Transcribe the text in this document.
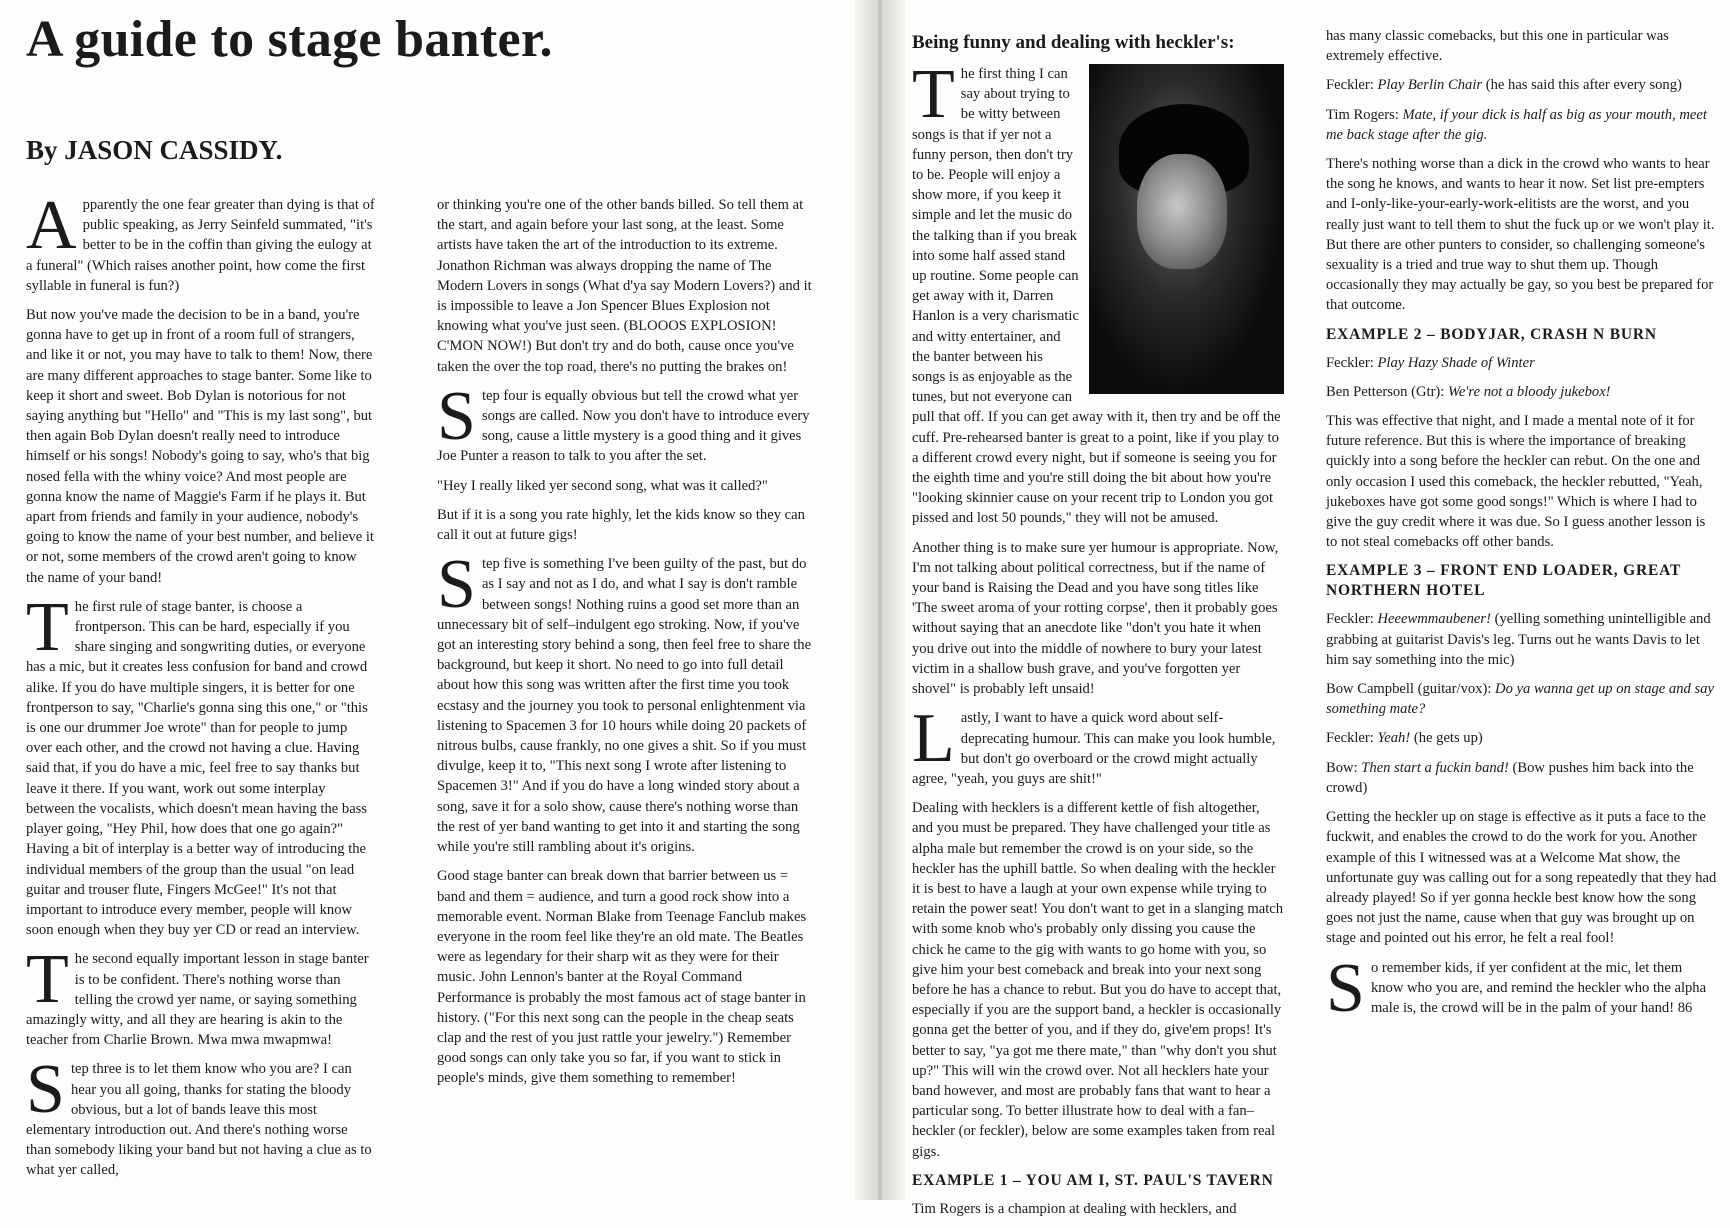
A guide to stage banter.
By JASON CASSIDY.

Apparently the one fear greater than dying is that of public speaking, as Jerry Seinfeld summated, "it's better to be in the coffin than giving the eulogy at a funeral" (Which raises another point, how come the first syllable in funeral is fun?)

But now you've made the decision to be in a band, you're gonna have to get up in front of a room full of strangers, and like it or not, you may have to talk to them! Now, there are many different approaches to stage banter. Some like to keep it short and sweet. Bob Dylan is notorious for not saying anything but "Hello" and "This is my last song", but then again Bob Dylan doesn't really need to introduce himself or his songs! Nobody's going to say, who's that big nosed fella with the whiny voice? And most people are gonna know the name of Maggie's Farm if he plays it. But apart from friends and family in your audience, nobody's going to know the name of your best number, and believe it or not, some members of the crowd aren't going to know the name of your band!

The first rule of stage banter, is choose a frontperson. This can be hard, especially if you share singing and songwriting duties, or everyone has a mic, but it creates less confusion for band and crowd alike. If you do have multiple singers, it is better for one frontperson to say, "Charlie's gonna sing this one," or "this is one our drummer Joe wrote" than for people to jump over each other, and the crowd not having a clue. Having said that, if you do have a mic, feel free to say thanks but leave it there. If you want, work out some interplay between the vocalists, which doesn't mean having the bass player going, "Hey Phil, how does that one go again?" Having a bit of interplay is a better way of introducing the individual members of the group than the usual "on lead guitar and trouser flute, Fingers McGee!" It's not that important to introduce every member, people will know soon enough when they buy yer CD or read an interview.

The second equally important lesson in stage banter is to be confident. There's nothing worse than telling the crowd yer name, or saying something amazingly witty, and all they are hearing is akin to the teacher from Charlie Brown. Mwa mwa mwapmwa!

Step three is to let them know who you are? I can hear you all going, thanks for stating the bloody obvious, but a lot of bands leave this most elementary introduction out. And there's nothing worse than somebody liking your band but not having a clue as to what yer called,

or thinking you're one of the other bands billed. So tell them at the start, and again before your last song, at the least. Some artists have taken the art of the introduction to its extreme. Jonathon Richman was always dropping the name of The Modern Lovers in songs (What d'ya say Modern Lovers?) and it is impossible to leave a Jon Spencer Blues Explosion not knowing what you've just seen. (BLOOOS EXPLOSION! C'MON NOW!) But don't try and do both, cause once you've taken the over the top road, there's no putting the brakes on!

Step four is equally obvious but tell the crowd what yer songs are called. Now you don't have to introduce every song, cause a little mystery is a good thing and it gives Joe Punter a reason to talk to you after the set.

"Hey I really liked yer second song, what was it called?"

But if it is a song you rate highly, let the kids know so they can call it out at future gigs!

Step five is something I've been guilty of the past, but do as I say and not as I do, and what I say is don't ramble between songs! Nothing ruins a good set more than an unnecessary bit of self–indulgent ego stroking. Now, if you've got an interesting story behind a song, then feel free to share the background, but keep it short. No need to go into full detail about how this song was written after the first time you took ecstasy and the journey you took to personal enlightenment via listening to Spacemen 3 for 10 hours while doing 20 packets of nitrous bulbs, cause frankly, no one gives a shit. So if you must divulge, keep it to, "This next song I wrote after listening to Spacemen 3!" And if you do have a long winded story about a song, save it for a solo show, cause there's nothing worse than the rest of yer band wanting to get into it and starting the song while you're still rambling about it's origins.

Good stage banter can break down that barrier between us = band and them = audience, and turn a good rock show into a memorable event. Norman Blake from Teenage Fanclub makes everyone in the room feel like they're an old mate. The Beatles were as legendary for their sharp wit as they were for their music. John Lennon's banter at the Royal Command Performance is probably the most famous act of stage banter in history. ("For this next song can the people in the cheap seats clap and the rest of you just rattle your jewelry.") Remember good songs can only take you so far, if you want to stick in people's minds, give them something to remember!

Being funny and dealing with heckler's:

The first thing I can say about trying to be witty between songs is that if yer not a funny person, then don't try to be. People will enjoy a show more, if you keep it simple and let the music do the talking than if you break into some half assed stand up routine. Some people can get away with it, Darren Hanlon is a very charismatic and witty entertainer, and the banter between his songs is as enjoyable as the tunes, but not everyone can pull that off. If you can get away with it, then try and be off the cuff. Pre-rehearsed banter is great to a point, like if you play to a different crowd every night, but if someone is seeing you for the eighth time and you're still doing the bit about how you're "looking skinnier cause on your recent trip to London you got pissed and lost 50 pounds," they will not be amused.

Another thing is to make sure yer humour is appropriate. Now, I'm not talking about political correctness, but if the name of your band is Raising the Dead and you have song titles like 'The sweet aroma of your rotting corpse', then it probably goes without saying that an anecdote like "don't you hate it when you drive out into the middle of nowhere to bury your latest victim in a shallow bush grave, and you've forgotten yer shovel" is probably left unsaid!

Lastly, I want to have a quick word about self-deprecating humour. This can make you look humble, but don't go overboard or the crowd might actually agree, "yeah, you guys are shit!"

Dealing with hecklers is a different kettle of fish altogether, and you must be prepared. They have challenged your title as alpha male but remember the crowd is on your side, so the heckler has the uphill battle. So when dealing with the heckler it is best to have a laugh at your own expense while trying to retain the power seat! You don't want to get in a slanging match with some knob who's probably only dissing you cause the chick he came to the gig with wants to go home with you, so give him your best comeback and break into your next song before he has a chance to rebut. But you do have to accept that, especially if you are the support band, a heckler is occasionally gonna get the better of you, and if they do, give'em props! It's better to say, "ya got me there mate," than "why don't you shut up?" This will win the crowd over. Not all hecklers hate your band however, and most are probably fans that want to hear a particular song. To better illustrate how to deal with a fan–heckler (or feckler), below are some examples taken from real gigs.

EXAMPLE 1 – YOU AM I, ST. PAUL'S TAVERN

Tim Rogers is a champion at dealing with hecklers, and

has many classic comebacks, but this one in particular was extremely effective.

Feckler: Play Berlin Chair (he has said this after every song)

Tim Rogers: Mate, if your dick is half as big as your mouth, meet me back stage after the gig.

There's nothing worse than a dick in the crowd who wants to hear the song he knows, and wants to hear it now. Set list pre-empters and I-only-like-your-early-work-elitists are the worst, and you really just want to tell them to shut the fuck up or we won't play it. But there are other punters to consider, so challenging someone's sexuality is a tried and true way to shut them up. Though occasionally they may actually be gay, so you best be prepared for that outcome.

EXAMPLE 2 – BODYJAR, CRASH N BURN

Feckler: Play Hazy Shade of Winter

Ben Petterson (Gtr): We're not a bloody jukebox!

This was effective that night, and I made a mental note of it for future reference. But this is where the importance of breaking quickly into a song before the heckler can rebut. On the one and only occasion I used this comeback, the heckler rebutted, "Yeah, jukeboxes have got some good songs!" Which is where I had to give the guy credit where it was due. So I guess another lesson is to not steal comebacks off other bands.

EXAMPLE 3 – FRONT END LOADER, GREAT NORTHERN HOTEL

Feckler: Heeewmmaubener! (yelling something unintelligible and grabbing at guitarist Davis's leg. Turns out he wants Davis to let him say something into the mic)

Bow Campbell (guitar/vox): Do ya wanna get up on stage and say something mate?

Feckler: Yeah! (he gets up)

Bow: Then start a fuckin band! (Bow pushes him back into the crowd)

Getting the heckler up on stage is effective as it puts a face to the fuckwit, and enables the crowd to do the work for you. Another example of this I witnessed was at a Welcome Mat show, the unfortunate guy was calling out for a song repeatedly that they had already played! So if yer gonna heckle best know how the song goes not just the name, cause when that guy was brought up on stage and pointed out his error, he felt a real fool!

So remember kids, if yer confident at the mic, let them know who you are, and remind the heckler who the alpha male is, the crowd will be in the palm of your hand! 86
